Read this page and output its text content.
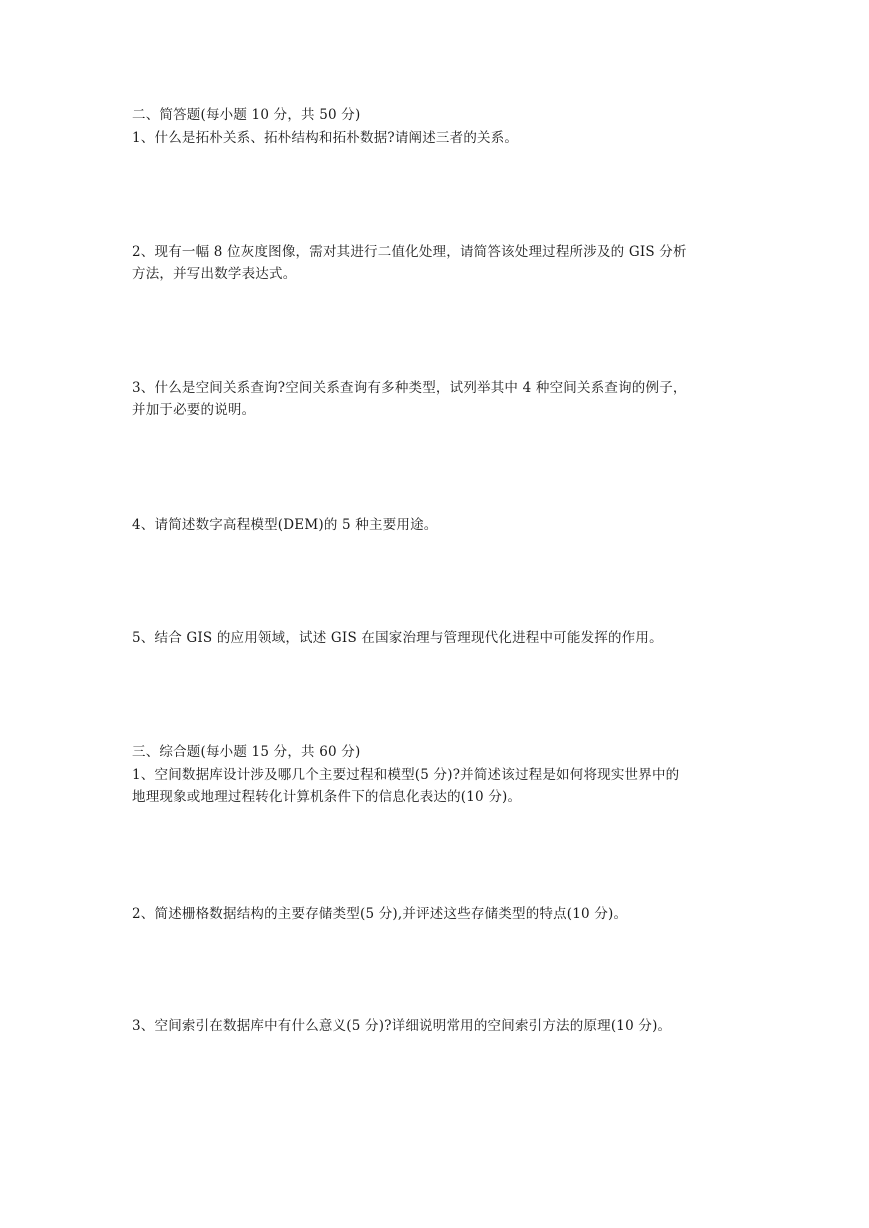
二、简答题(每小题 10 分，共 50 分)
1、什么是拓朴关系、拓朴结构和拓朴数据?请阐述三者的关系。
2、现有一幅 8 位灰度图像，需对其进行二值化处理，请简答该处理过程所涉及的 GIS 分析
方法，并写出数学表达式。
3、什么是空间关系查询?空间关系查询有多种类型，试列举其中 4 种空间关系查询的例子，
并加于必要的说明。
4、请简述数字高程模型(DEM)的 5 种主要用途。
5、结合 GIS 的应用领域，试述 GIS 在国家治理与管理现代化进程中可能发挥的作用。
三、综合题(每小题 15 分，共 60 分)
1、空间数据库设计涉及哪几个主要过程和模型(5 分)?并简述该过程是如何将现实世界中的
地理现象或地理过程转化计算机条件下的信息化表达的(10 分)。
2、简述栅格数据结构的主要存储类型(5 分),并评述这些存储类型的特点(10 分)。
3、空间索引在数据库中有什么意义(5 分)?详细说明常用的空间索引方法的原理(10 分)。
